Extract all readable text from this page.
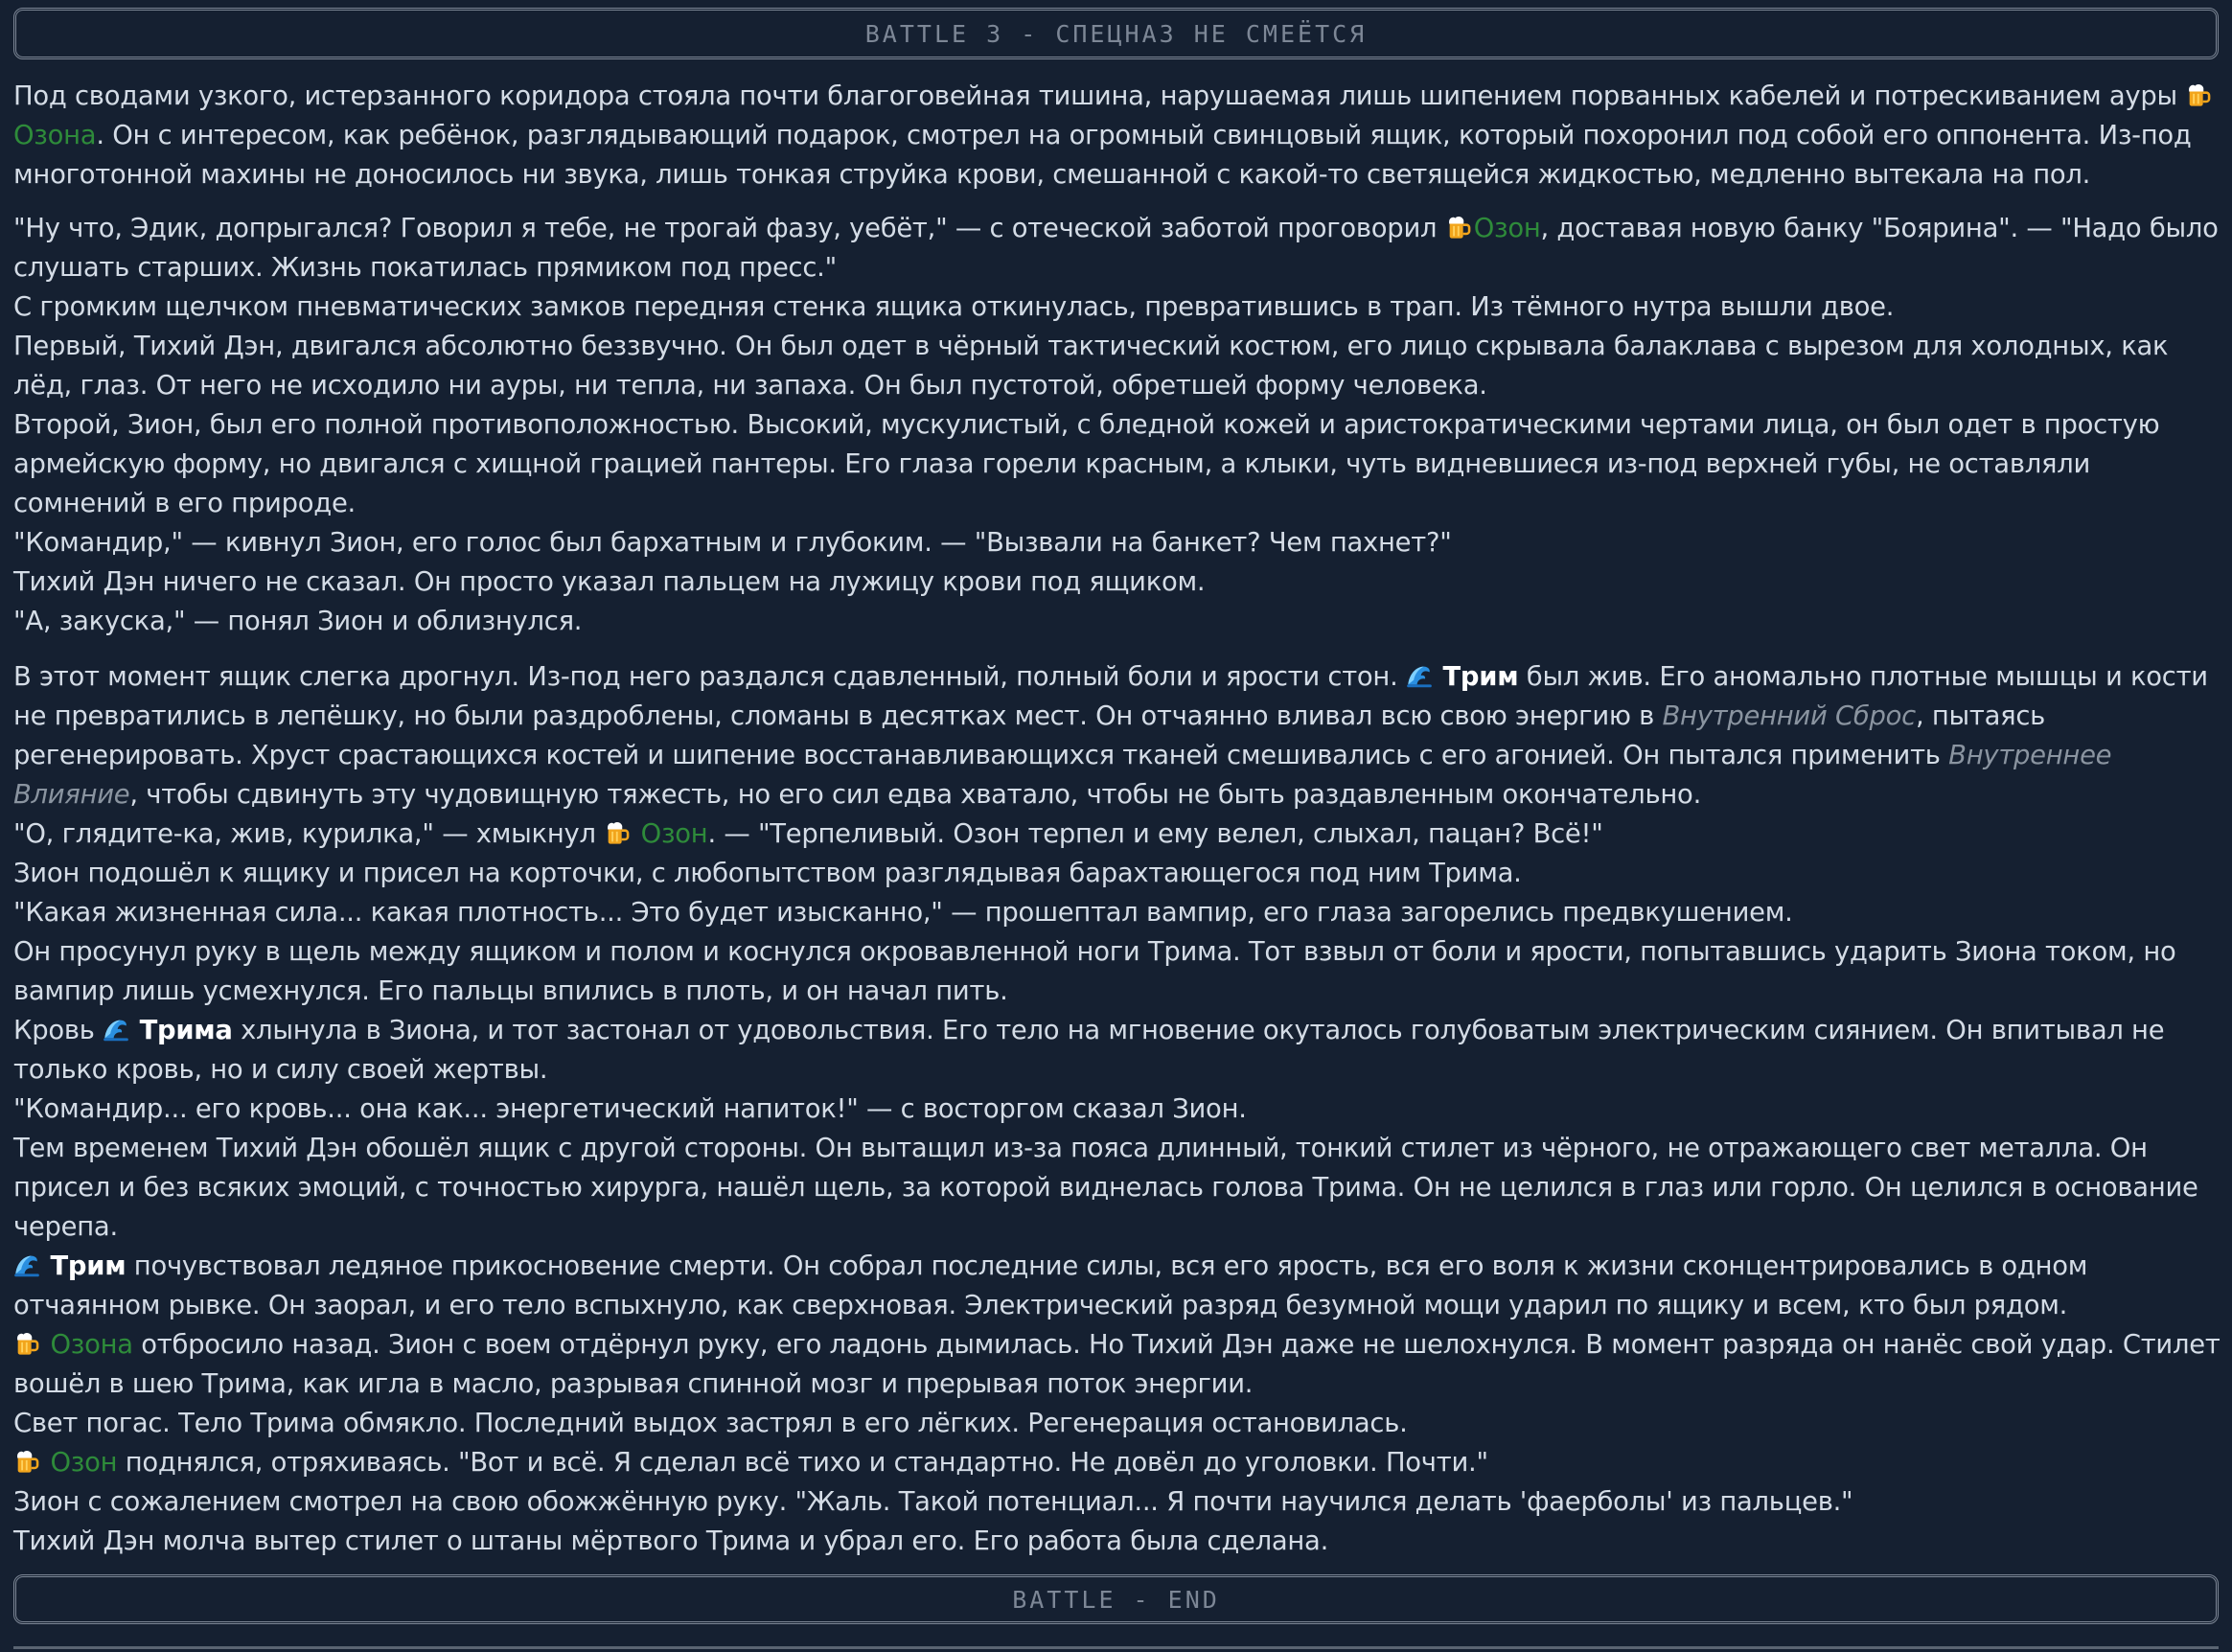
BATTLE 3 - СПЕЦНАЗ НЕ СМЕЁТСЯ

Под сводами узкого, истерзанного коридора стояла почти благоговейная тишина, нарушаемая лишь шипением порванных кабелей и потрескиванием ауры
Озона. Он с интересом, как ребёнок, разглядывающий подарок, смотрел на огромный свинцовый ящик, который похоронил под собой его оппонента. Из-под многотонной махины не доносилось ни звука, лишь тонкая струйка крови, смешанной с какой-то светящейся жидкостью, медленно вытекала на пол.

"Ну что, Эдик, допрыгался? Говорил я тебе, не трогай фазу, уебёт," — с отеческой заботой проговорил Озон, доставая новую банку "Боярина". — "Надо было слушать старших. Жизнь покатилась прямиком под пресс."

С громким щелчком пневматических замков передняя стенка ящика откинулась, превратившись в трап. Из тёмного нутра вышли двое.

Первый, Тихий Дэн, двигался абсолютно беззвучно. Он был одет в чёрный тактический костюм, его лицо скрывала балаклава с вырезом для холодных, как лёд, глаз. От него не исходило ни ауры, ни тепла, ни запаха. Он был пустотой, обретшей форму человека.

Второй, Зион, был его полной противоположностью. Высокий, мускулистый, с бледной кожей и аристократическими чертами лица, он был одет в простую армейскую форму, но двигался с хищной грацией пантеры. Его глаза горели красным, а клыки, чуть видневшиеся из-под верхней губы, не оставляли сомнений в его природе.

"Командир," — кивнул Зион, его голос был бархатным и глубоким. — "Вызвали на банкет? Чем пахнет?"

Тихий Дэн ничего не сказал. Он просто указал пальцем на лужицу крови под ящиком.

"А, закуска," — понял Зион и облизнулся.

В этот момент ящик слегка дрогнул. Из-под него раздался сдавленный, полный боли и ярости стон.  Трим был жив. Его аномально плотные мышцы и кости не превратились в лепёшку, но были раздроблены, сломаны в десятках мест. Он отчаянно вливал всю свою энергию в Внутренний Сброс, пытаясь регенерировать. Хруст срастающихся костей и шипение восстанавливающихся тканей смешивались с его агонией. Он пытался применить Внутреннее Влияние, чтобы сдвинуть эту чудовищную тяжесть, но его сил едва хватало, чтобы не быть раздавленным окончательно.

"О, глядите-ка, жив, курилка," — хмыкнул  Озон. — "Терпеливый. Озон терпел и ему велел, слыхал, пацан? Всё!"

Зион подошёл к ящику и присел на корточки, с любопытством разглядывая барахтающегося под ним Трима.

"Какая жизненная сила... какая плотность... Это будет изысканно," — прошептал вампир, его глаза загорелись предвкушением.

Он просунул руку в щель между ящиком и полом и коснулся окровавленной ноги Трима. Тот взвыл от боли и ярости, попытавшись ударить Зиона током, но вампир лишь усмехнулся. Его пальцы впились в плоть, и он начал пить.

Кровь  Трима хлынула в Зиона, и тот застонал от удовольствия. Его тело на мгновение окуталось голубоватым электрическим сиянием. Он впитывал не только кровь, но и силу своей жертвы.

"Командир... его кровь... она как... энергетический напиток!" — с восторгом сказал Зион.

Тем временем Тихий Дэн обошёл ящик с другой стороны. Он вытащил из-за пояса длинный, тонкий стилет из чёрного, не отражающего свет металла. Он присел и без всяких эмоций, с точностью хирурга, нашёл щель, за которой виднелась голова Трима. Он не целился в глаз или горло. Он целился в основание черепа.

Трим почувствовал ледяное прикосновение смерти. Он собрал последние силы, вся его ярость, вся его воля к жизни сконцентрировались в одном отчаянном рывке. Он заорал, и его тело вспыхнуло, как сверхновая. Электрический разряд безумной мощи ударил по ящику и всем, кто был рядом.

Озона отбросило назад. Зион с воем отдёрнул руку, его ладонь дымилась. Но Тихий Дэн даже не шелохнулся. В момент разряда он нанёс свой удар. Стилет вошёл в шею Трима, как игла в масло, разрывая спинной мозг и прерывая поток энергии.

Свет погас. Тело Трима обмякло. Последний выдох застрял в его лёгких. Регенерация остановилась.

Озон поднялся, отряхиваясь. "Вот и всё. Я сделал всё тихо и стандартно. Не довёл до уголовки. Почти."

Зион с сожалением смотрел на свою обожжённую руку. "Жаль. Такой потенциал... Я почти научился делать 'фаерболы' из пальцев."

Тихий Дэн молча вытер стилет о штаны мёртвого Трима и убрал его. Его работа была сделана.

BATTLE - END
